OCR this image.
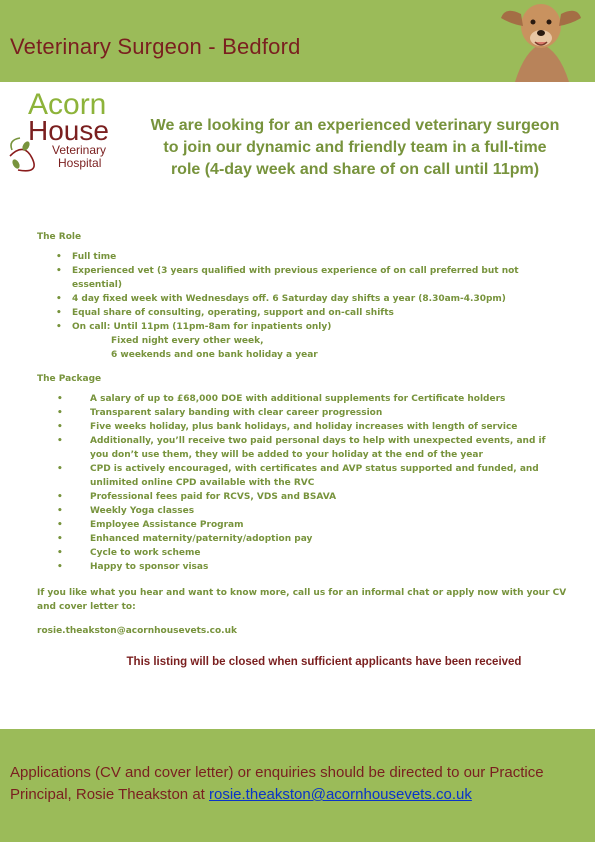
Veterinary Surgeon - Bedford
Acorn
House
Veterinary
Hospital
We are looking for an experienced veterinary surgeon to join our dynamic and friendly team in a full-time role (4-day week and share of on call until 11pm)
The Role
• Full time
• Experienced vet (3 years qualified with previous experience of on call preferred but not essential)
• 4 day fixed week with Wednesdays off. 6 Saturday day shifts a year (8.30am-4.30pm)
• Equal share of consulting, operating, support and on-call shifts
• On call: Until 11pm (11pm-8am for inpatients only)
Fixed night every other week,
6 weekends and one bank holiday a year
The Package
• A salary of up to £68,000 DOE with additional supplements for Certificate holders
• Transparent salary banding with clear career progression
• Five weeks holiday, plus bank holidays, and holiday increases with length of service
• Additionally, you’ll receive two paid personal days to help with unexpected events, and if you don’t use them, they will be added to your holiday at the end of the year
• CPD is actively encouraged, with certificates and AVP status supported and funded, and unlimited online CPD available with the RVC
• Professional fees paid for RCVS, VDS and BSAVA
• Weekly Yoga classes
• Employee Assistance Program
• Enhanced maternity/paternity/adoption pay
• Cycle to work scheme
• Happy to sponsor visas
If you like what you hear and want to know more, call us for an informal chat or apply now with your CV and cover letter to:
rosie.theakston@acornhousevets.co.uk
This listing will be closed when sufficient applicants have been received
Applications (CV and cover letter) or enquiries should be directed to our Practice Principal, Rosie Theakston at rosie.theakston@acornhousevets.co.uk
